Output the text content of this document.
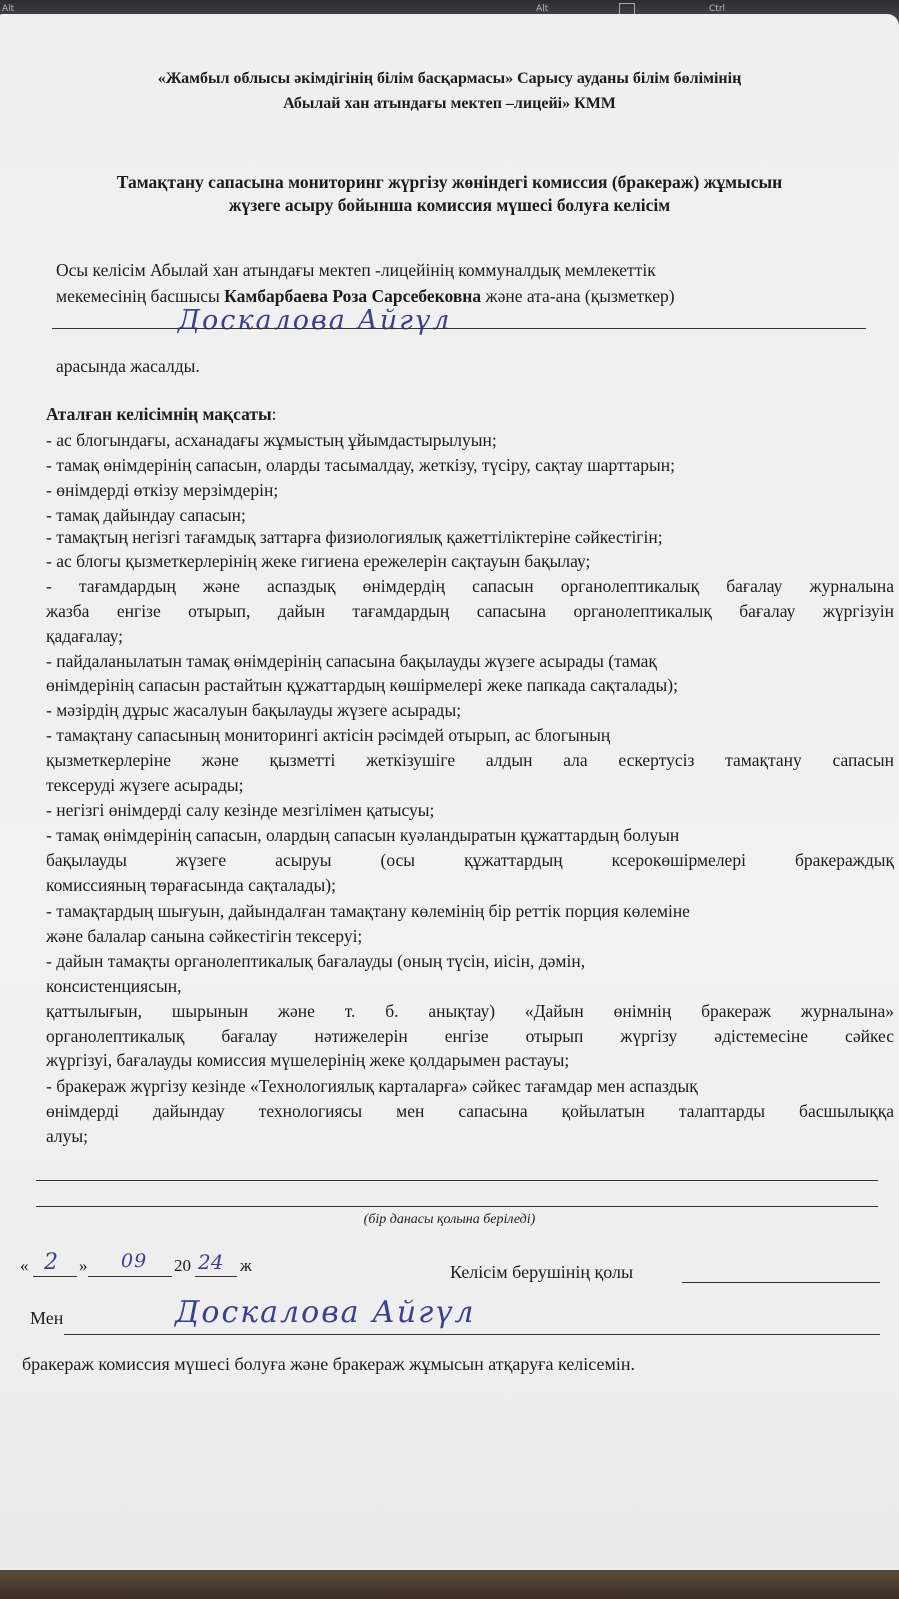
Alt	Alt	Ctrl
«Жамбыл облысы әкімдігінің білім басқармасы» Сарысу ауданы білім бөлімінің
Абылай хан атындағы мектеп –лицейі» КММ
Тамақтану сапасына мониторинг жүргізу жөніндегі комиссия (бракераж) жұмысын
жүзеге асыру бойынша комиссия мүшесі болуға келісім
Осы келісім Абылай хан атындағы мектеп -лицейінің коммуналдық мемлекеттік
мекемесінің басшысы Камбарбаева Роза Сарсебековна және ата-ана (қызметкер)
Доскалова Айгүл
арасында жасалды.
Аталған келісімнің мақсаты:
- ас блогындағы, асханадағы жұмыстың ұйымдастырылуын;
- тамақ өнімдерінің сапасын, оларды тасымалдау, жеткізу, түсіру, сақтау шарттарын;
- өнімдерді өткізу мерзімдерін;
- тамақ дайындау сапасын;
- тамақтың негізгі тағамдық заттарға физиологиялық қажеттіліктеріне сәйкестігін;
- ас блогы қызметкерлерінің жеке гигиена ережелерін сақтауын бақылау;
- тағамдардың және аспаздық өнімдердің сапасын органолептикалық бағалау журналына
жазба енгізе отырып, дайын тағамдардың сапасына органолептикалық бағалау жүргізуін
қадағалау;
- пайдаланылатын тамақ өнімдерінің сапасына бақылауды жүзеге асырады (тамақ
өнімдерінің сапасын растайтын құжаттардың көшірмелері жеке папкада сақталады);
- мәзірдің дұрыс жасалуын бақылауды жүзеге асырады;
- тамақтану сапасының мониторингі актісін рәсімдей отырып, ас блогының
қызметкерлеріне және қызметті жеткізушіге алдын ала ескертусіз тамақтану сапасын
тексеруді жүзеге асырады;
- негізгі өнімдерді салу кезінде мезгілімен қатысуы;
- тамақ өнімдерінің сапасын, олардың сапасын куәландыратын құжаттардың болуын
бақылауды жүзеге асыруы (осы құжаттардың ксерокөшірмелері бракераждық
комиссияның төрағасында сақталады);
- тамақтардың шығуын, дайындалған тамақтану көлемінің бір реттік порция көлеміне
және балалар санына сәйкестігін тексеруі;
- дайын тамақты органолептикалық бағалауды (оның түсін, иісін, дәмін,
консистенциясын,
қаттылығын, шырынын және т. б. анықтау) «Дайын өнімнің бракераж журналына»
органолептикалық бағалау нәтижелерін енгізе отырып жүргізу әдістемесіне сәйкес
жүргізуі, бағалауды комиссия мүшелерінің жеке қолдарымен растауы;
- бракераж жүргізу кезінде «Технологиялық карталарға» сәйкес тағамдар мен аспаздық
өнімдерді дайындау технологиясы мен сапасына қойылатын талаптарды басшылыққа
алуы;
(бір данасы қолына беріледі)
« 2 » 09 20 24 ж	Келісім берушінің қолы
Мен	Доскалова Айгүл
бракераж комиссия мүшесі болуға және бракераж жұмысын атқаруға келісемін.
